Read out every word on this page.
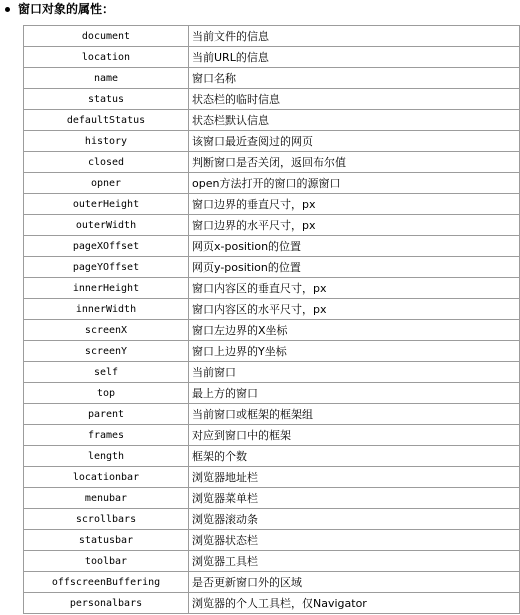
窗口对象的属性：
document	当前文件的信息
location	当前URL的信息
name	窗口名称
status	状态栏的临时信息
defaultStatus	状态栏默认信息
history	该窗口最近查阅过的网页
closed	判断窗口是否关闭，返回布尔值
opner	open方法打开的窗口的源窗口
outerHeight	窗口边界的垂直尺寸，px
outerWidth	窗口边界的水平尺寸，px
pageXOffset	网页x-position的位置
pageYOffset	网页y-position的位置
innerHeight	窗口内容区的垂直尺寸，px
innerWidth	窗口内容区的水平尺寸，px
screenX	窗口左边界的X坐标
screenY	窗口上边界的Y坐标
self	当前窗口
top	最上方的窗口
parent	当前窗口或框架的框架组
frames	对应到窗口中的框架
length	框架的个数
locationbar	浏览器地址栏
menubar	浏览器菜单栏
scrollbars	浏览器滚动条
statusbar	浏览器状态栏
toolbar	浏览器工具栏
offscreenBuffering	是否更新窗口外的区域
personalbars	浏览器的个人工具栏，仅Navigator
